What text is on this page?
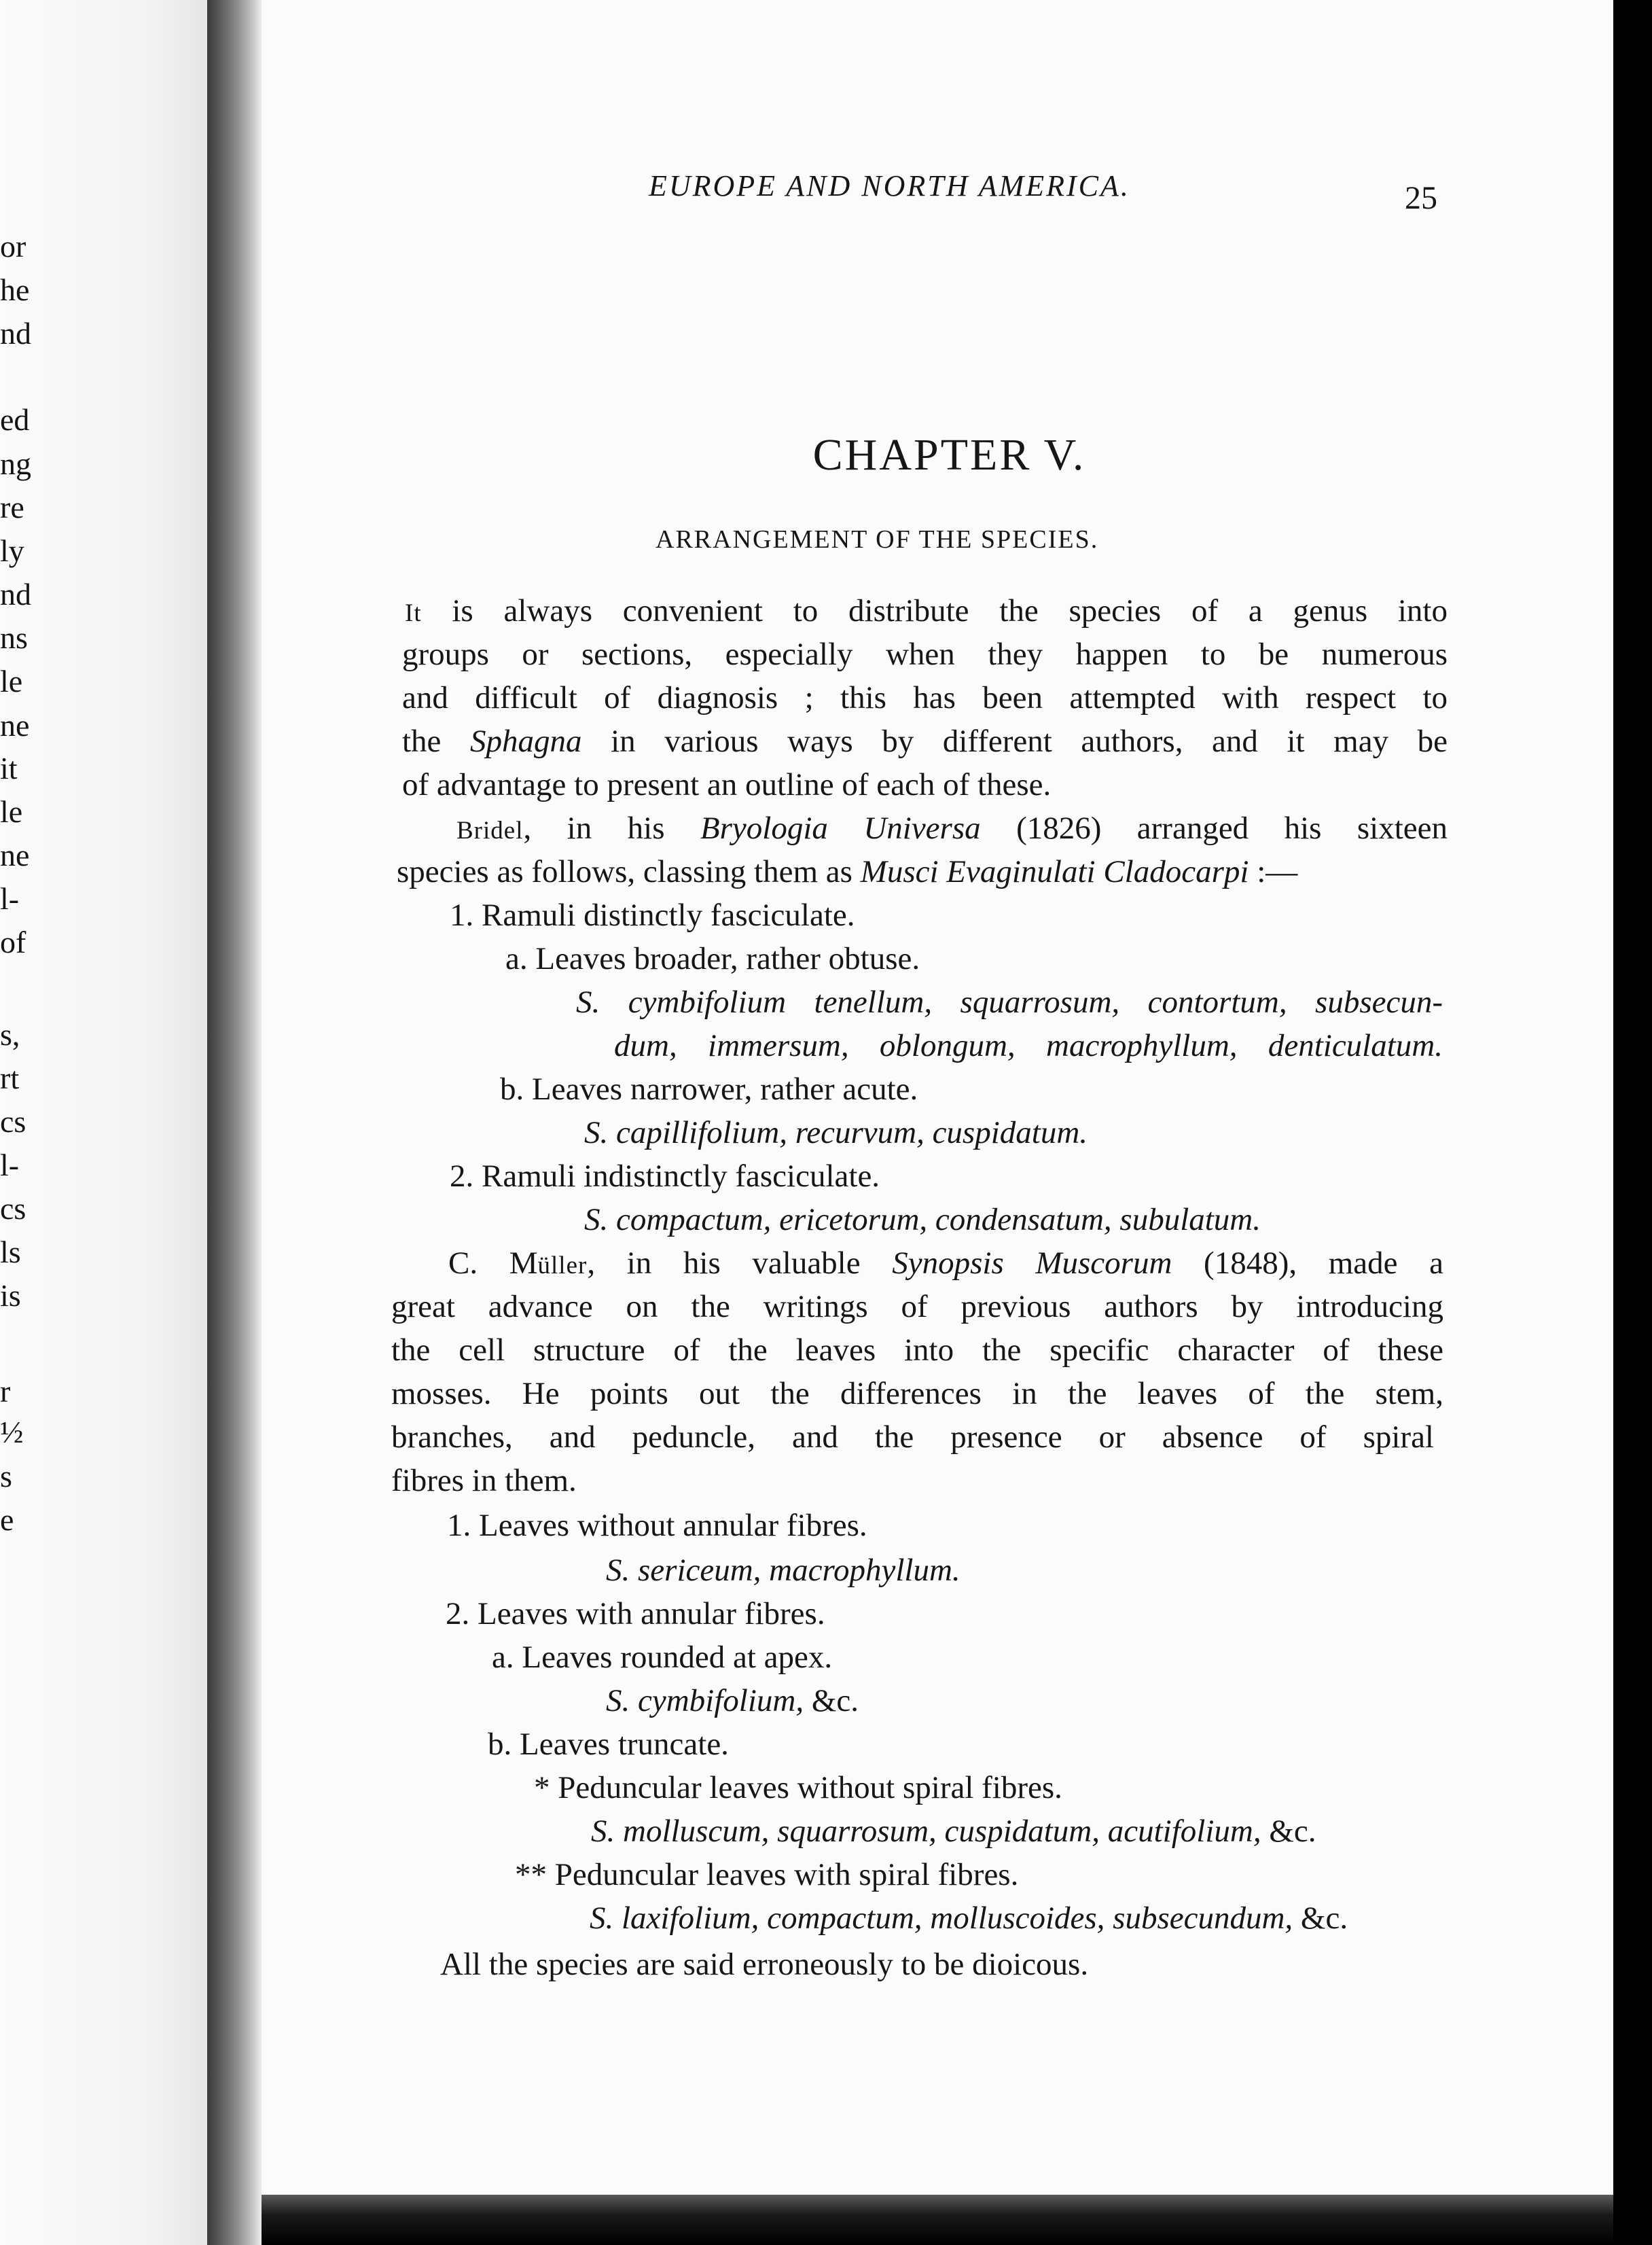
or
he
nd
ed
ng
re
ly
nd
ns
le
ne
it
le
ne
l-
of
s,
rt
cs
l-
cs
ls
is
r
½
s
e
EUROPE AND NORTH AMERICA.	25
CHAPTER V.
ARRANGEMENT OF THE SPECIES.
It is always convenient to distribute the species of a genus into
groups or sections, especially when they happen to be numerous
and difficult of diagnosis ; this has been attempted with respect to
the Sphagna in various ways by different authors, and it may be
of advantage to present an outline of each of these.
Bridel, in his Bryologia Universa (1826) arranged his sixteen
species as follows, classing them as Musci Evaginulati Cladocarpi :—
1. Ramuli distinctly fasciculate.
a. Leaves broader, rather obtuse.
S. cymbifolium tenellum, squarrosum, contortum, subsecun-
dum, immersum, oblongum, macrophyllum, denticulatum.
b. Leaves narrower, rather acute.
S. capillifolium, recurvum, cuspidatum.
2. Ramuli indistinctly fasciculate.
S. compactum, ericetorum, condensatum, subulatum.
C. Müller, in his valuable Synopsis Muscorum (1848), made a
great advance on the writings of previous authors by introducing
the cell structure of the leaves into the specific character of these
mosses. He points out the differences in the leaves of the stem,
branches, and peduncle, and the presence or absence of spiral
fibres in them.
1. Leaves without annular fibres.
S. sericeum, macrophyllum.
2. Leaves with annular fibres.
a. Leaves rounded at apex.
S. cymbifolium, &c.
b. Leaves truncate.
* Peduncular leaves without spiral fibres.
S. molluscum, squarrosum, cuspidatum, acutifolium, &c.
** Peduncular leaves with spiral fibres.
S. laxifolium, compactum, molluscoides, subsecundum, &c.
All the species are said erroneously to be dioicous.
